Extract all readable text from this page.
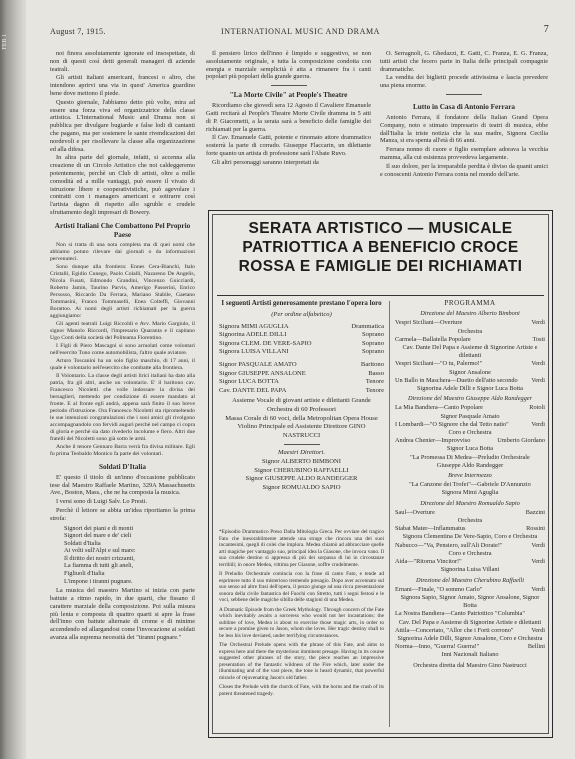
FEB 1
August 7, 1915.	INTERNATIONAL MUSIC AND DRAMA	7

noi finora assolutamente ignorate ed insospettate, di non di questi così detti generali manageri di aziende teatrali.

Gli artisti italiani americani, francesi o altro, che intendono aprirvi una via in quest' America guardino bene dove mettono il piede.

Questo giornale, l'abbiamo detto più volte, mira ad essere una forza viva ed organizzatrice della classe artistica. L'International Music and Drama non si pubblica per divulgare bugiarde e false lodi di cantanti che pagano, ma per sostenere le sante rivendicazioni dei nordevoli e per risollevare la classe alla organizzazione ed alla difesa.

In altra parte del giornale, infatti, si accenna alla creazione di un Circolo Artistico che noi caldeggeremo potentemente, perchè un Club di artisti, oltre a mille comodità ed a mille vantaggi, può essere il vivaio di istruzione libere e cooperativistiche, può agevolare i contratti con i managers americani e sottrarre così l'artista dagno di rispetto allo sgruble e crudele sfruttamento degli impresari di Bowery.

Artisti Italiani Che Combattono Pel Proprio Paese

Non si tratta di una nota completa ma di quei nomi che abbiamo potuto rilevare dai giornali o da informazioni pervenuteci.

Sono dunque alla frontiera: Ennes Cera-Bianchi, Italo Cristalli, Egidio Cunego, Paolo Colalli, Nazareno De Angelis, Nicola Fusati, Edmondo Grandini, Vincenzo Guicciardi, Roberto Jamin, Taurino Parvis, Amerigo Passerini, Enrico Persosso, Riccardo Da Ferrara, Mariano Stabile, Gaetano Tommasini, Franco Tommaselli, Enea Colteffi, Giovanni Borattoo. Ai nomi degli artisti richiamati per la guerra aggiungiamo:

Gli agenti teatrali Luigi Riccoldi e Avv. Mario Gargiulo, il signor Manolo Riccordi, l'impresario Quaranta e il capitano Ugo Conti della società del Politeama Fiorentino.

I Figli di Piero Mascagni si sono arruolati come volontari nell'esercito Tuno come automobilista, l'altro quale aviatore.

Arturo Toscanini ha un solo figlio maschio, di 17 anni, il quale è volontario nell'esercito che combatte alla frontiera.

Il Volontario. La classe degli artisti lirici italiani ha dato alla patria, fra gli altri, anche un volontario. E' il baritono cav. Francesco Nicoletti che volle indossare la divisa dei bersaglieri, mettendo per condizione di essere mandato al fronte. E al fronte egli andrà, appena sarà finito il suo breve periodo d'istruzione. Ora Francesco Nicoletti sta ripromeltendo le sue intenzioni congratulazioni che i suoi amici gli rivolgono accompagnandolo con fervidi auguri perchè nel campo ci copra di gloria e perchè sia dato rivederlo incolume e fiero. Altri due fratelli del Nicoletti sono già sotto le armi.

Anche il tenore Gennaro Barra verrà fra divisa militare. Egli fu prima Teobaldo Montico fa parte dei volontari.

Soldati D'Italia

E' questo il titolo di un'inno d'occasione pubblicato tese dal Maestro Raffaele Martino, 329A Massachusetts Ave., Boston, Mass., che ne ha composta la musica.

I versi sono di Luigi Salv. Lo Presti.

Perchè il lettore se abbia un'idea riportiamo la prima strofa:

Signori dei piani e di monti
Signori del mare e de' cieli
Soldati d'Italia
Ai volti sull'Alpi e sul mare:
Il diritto dei nostri crizzanti,
La fiamma di tutti gli aneli,
Figliuoli d'Italia
L'impone i tiranni pugnare.

La musica del maestro Martino si inizia con parte battute a ritmo rapido, in due quarti, che fissano il carattere marziale della composizione. Poi sulla misura più lenta e composta di quattro quarti si apre la frase dell'inno con battute alternate di crome e di minime accendendo ed allargandosi come l'invocazione ai soldati avanza alla suprema necessità dei "tiranni pugnare."

Il pensiero lirico dell'inno è limpido e suggestivo, se non assolutamente originale, e tutta la composizione condotta con energia e marziale semplicità è atta a rimanere fra i canti popolari più popolari della grande guerra.

"La Morte Civile" at People's Theatre

Ricordiamo che giovedì sera 12 Agosto il Cavaliere Emanuele Gatti recitarà al People's Theatre Morte Civile dramma in 5 atti di P. Giacometti, a la serata sarà a beneficio delle famiglie dei richiamati per la guerra.

Il Cav. Emanuele Gatti, potente e rinomato attore drammatico sosterrà la parte di corrado. Giuseppe Flaccarin, un dilettante forte quanto un artista di professione sarà l'Abate Ruvo.

Gli altri personaggi saranno interpretati da

O. Serragnoli, G. Ghedazzi, E. Gatti, C. Franza, E. G. Franza, tutti artisti che fecero parte in Italia delle principali compagnie drammatiche.

La vendita dei biglietti procede attivissima e lascia prevedere una piena enorme.

Lutto in Casa di Antonio Ferrara

Antonio Ferrara, il fondatore della Italian Grand Opera Company, noto e stimato impresario di teatri di musica, ebbe dall'Italia la triste notizia che la sua madre, Signora Cecilia Manza, si era spenta all'età di 66 anni.

Ferrara nonno di cuore e figlio esemplare adorava la vecchia mamma, alla cui esistenza provvedeva largamente.

Il suo dolore, per la irreparabile perdita è diviso da quanti amici e conoscenti Antonio Ferrara conta nel mondo dell'arte.

SERATA ARTISTICO — MUSICALE PATRIOTTICA A BENEFICIO CROCE ROSSA E FAMIGLIE DEI RICHIAMATI
I seguenti Artisti generosamente prestano l'opera loro
(Per ordine alfabetico)
Signora MIMI AGUGLIA	Drammatica
Signorina ADELE DILLI	Soprano
Signora CLEM. DE VERE-SAPIO	Soprano
Signora LUISA VILLANI	Soprano
Signor PASQUALE AMATO	Baritono
Signor GIUSEPPE ANSALONE	Basso
Signor LUCA BOTTA	Tenore
Cav. DANTE DEL PAPA	Tenore
Assieme Vocale di giovani artiste e dilettanti Grande Orchestra di 60 Professori
Massa Corale di 60 voci, della Metropolitan Opera House
Violino Principale ed Assistente Direttore GINO NASTRUCCI
Maestri Direttori.
Signor ALBERTO BIMBONI
Signor CHERUBINO RAFFAELLI
Signor GIUSEPPE ALDO RANDEGGER
Signor ROMUALDO SAPIO

*Episodio Drammatico Preso Dalla Mitologia Greca. Per ovviare del tragico Fato che inesorabilmente attende una strage che rincora una dei suoi incantesimi, quegli di colei che implora. Medea chiamò ad abbracciare quelle arti magiche per vantaggio suo, principal idea la Giasone, che invoca vano. Il suo crudele destino si appressa di più dei sorpassa di lui in circostanze terribili; in onore Medea, vittima per Giasone, soffre crudelmente.

Il Preludio Orchestrale comincia con la frase di canto Fato, e tende ad esprimere tutto il suo misterioso tremendo presagio. Dopo aver accennato sul suo senso ad altre frasi dell'opera, il pezzo giunge ad una ricca presentazione sonora della civile fantastica del Fuochi con Stretto, tutti i segni festosi e le voci, sebbene delle magiche sibilla delle stagioni di una Medea.

A Dramatic Episode from the Greek Mythology. Through concern of the Fate which inevitably awaits a sorceress who would not her incantations: the sublime of love, Medea is about to exercise those magic arts, in order to secure a promise given to Jason, whom she loves. Her tragic destiny shall to be less his love deviated, under terrifying circumstances.

The Orchestral Prelude opens with the phrase of this Fate, and aims to express here and there the mysterious imminent presage. Having in its course suggested other phrases of the story, the piece reaches an impressive presentation of the fantastic wildness of the Fire which, later under the illuminating and of the vast piece, the tone is heard dynamic, that powerful miracle of rejuvenating Jason's old father.

Closes the Prelude with the chords of Fate, with the horns and the crash of its potent threatened tragedy.

PROGRAMMA
Direzione del Maestro Alberto Bimboni
Vespri Siciliani—Overture	Verdi
Orchestra
Carmela—Ballatella Popolare	Tosti
Cav. Dante Del Papa e Assieme di Signorine Artiste e dilettanti
Vespri Siciliani—"O tu, Palermo!"	Verdi
Signor Ansalone
Un Ballo in Maschera—Duetto dell'atto secondo Verdi
Signorina Adele Dilli e Signor Luca Botta
Direzione del Maestro Giuseppe Aldo Randegger
La Mia Bandiera—Canto Popolare	Rotoli
Signor Pasquale Amato
I Lombardi—"O Signore che dal Tetto natio"	Verdi
Coro e Orchestra
Andrea Chenier—Improvviso	Umberto Giordano
Signor Luca Botta
"La Promessa Di Medea—Preludio Orchestrale
Giuseppe Aldo Randegger
Breve Intermezzo
"La Canzone dei Trofei"—Gabriele D'Annunzio
Signora Mimi Aguglia
Direzione del Maestro Romualdo Sapio
Saul—Overture	Bazzini
Orchestra
Stabat Mater—Inflammatus	Rossini
Signora Clementina De Vere-Sapio, Coro e Orchestra
Nabucco—"Va, Pensiero, sull'Ali Dorate!"	Verdi
Coro e Orchestra
Aida—"Ritorna Vincitor!"	Verdi
Signorina Luisa Villani
Direzione del Maestro Cherubino Raffaelli
Ernani—Finale, "O sommo Carlo"	Verdi
Signora Sapio, Signor Amato, Signor Ansalone, Signor Botta
La Nostra Bandiera—Canto Patriottico "Columbia"
Cav. Del Papa e Assieme di Signorine Artiste e dilettanti
Attila—Concertato, "Allor che i Forti corrono"	Verdi
Signorina Adele Dilli, Signor Ansalone, Coro e Orchestra
Norma—Inno, "Guerra! Guerra!"	Bellini
Inni Nazionali Italiano
Orchestra diretta dal Maestro Gino Nastrucci
